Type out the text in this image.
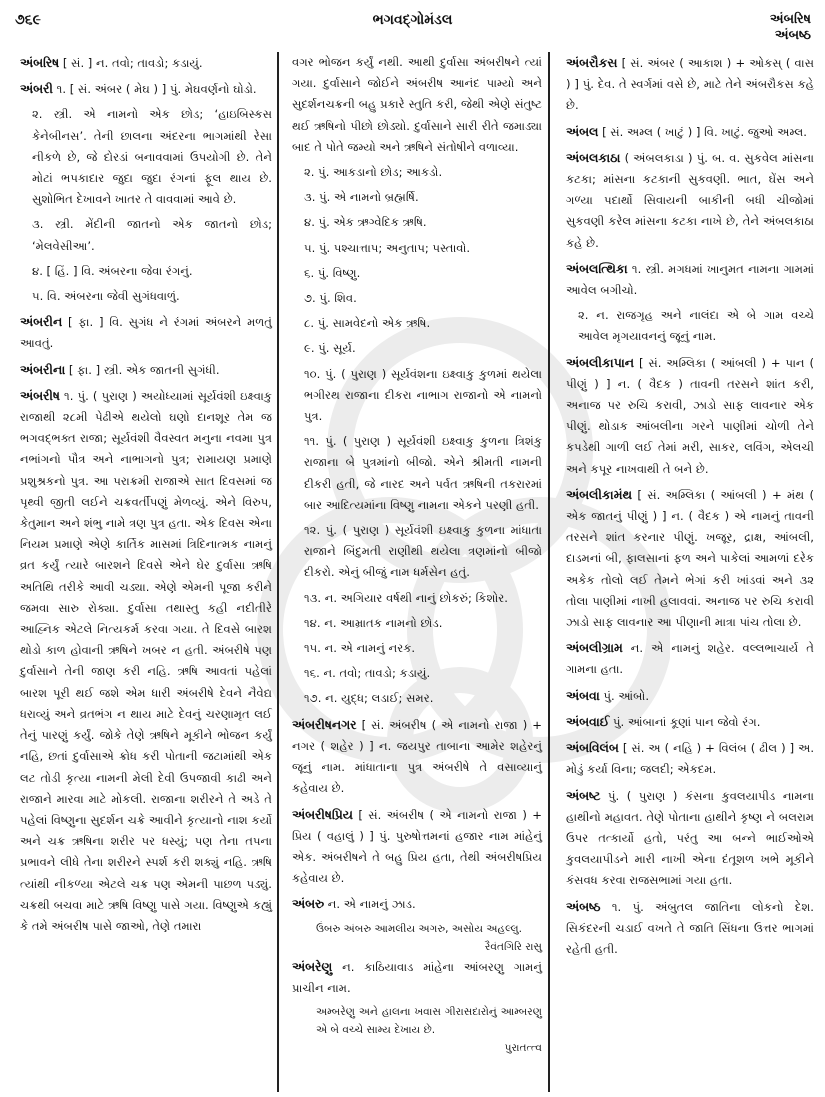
૭૬૯	ભગવદ્ગોમંડલ	અંબરિષ
અંબષ્ઠ
અંબરિષ [ સં. ] ન. તવો; તાવડો; કડાયું.
અંબરી ૧. [ સં. અંબર ( મેઘ ) ] પું. મેઘવર્ણનો ઘોડો.
૨. સ્ત્રી. એ નામનો એક છોડ; ‘હાઇબિસ્કસ કેનેબીનસ’. તેની છાલના અંદરના ભાગમાંથી રેસા નીકળે છે, જે દોરડાં બનાવવામાં ઉપયોગી છે. તેને મોટાં ભપકાદાર જુદા જુદા રંગનાં ફૂલ થાય છે. સુશોભિત દેખાવને ખાતર તે વાવવામાં આવે છે.
૩. સ્ત્રી. મેંદીની જાતનો એક જાતનો છોડ; ‘મેલવેસીઆ’.
૪. [ હિં. ] વિ. અંબરના જેવા રંગનું.
૫. વિ. અંબરના જેવી સુગંધવાળું.
અંબરીન [ ફા. ] વિ. સુગંધ ને રંગમાં અંબરને મળતું આવતું.
અંબરીના [ ફા. ] સ્ત્રી. એક જાતની સુગંધી.
અંબરીષ ૧. પું. ( પુરાણ ) અયોધ્યામાં સૂર્યવંશી ઇક્ષ્વાકુ રાજાથી ૨૮મી પેઢીએ થયેલો ઘણો દાનશૂર તેમ જ ભગવદ્ભક્ત રાજા; સૂર્યવંશી વૈવસ્વત મનુના નવમા પુત્ર નભાંગનો પૌત્ર અને નાભાગનો પુત્ર; રામાયણ પ્રમાણે પ્રશુશ્રકનો પુત્ર. આ પરાક્રમી રાજાએ સાત દિવસમાં જ પૃથ્વી જીતી લઈને ચક્રવર્તીપણું મેળવ્યું. એને વિરુપ, કેતુમાન અને શંભુ નામે ત્રણ પુત્ર હતા. એક દિવસ એના નિયમ પ્રમાણે એણે કાર્તિક માસમાં ત્રિદિનાત્મક નામનું વ્રત કર્યું ત્યારે બારશને દિવસે એને ઘેર દુર્વાસા ઋષિ અતિથિ તરીકે આવી ચડ્યા. એણે એમની પૂજા કરીને જમવા સારુ રોક્યા. દુર્વાસા તથાસ્તુ કહી નદીતીરે આહ્નિક એટલે નિત્યકર્મ કરવા ગયા. તે દિવસે બારશ થોડો કાળ હોવાની ઋષિને ખબર ન હતી. અંબરીષે પણ દુર્વાસાને તેની જાણ કરી નહિ. ઋષિ આવતાં પહેલાં બારશ પૂરી થઈ જશે એમ ધારી અંબરીષે દેવને નૈવેદ્ય ધરાવ્યું અને વ્રતભંગ ન થાય માટે દેવનું ચરણામૃત લઈ તેનું પારણું કર્યું. જોકે તેણે ઋષિને મૂકીને ભોજન કર્યું નહિ, છતાં દુર્વાસાએ ક્રોધ કરી પોતાની જટામાંથી એક લટ તોડી કૃત્યા નામની મેલી દેવી ઉપજાવી કાઢી અને રાજાને મારવા માટે મોકલી. રાજાના શરીરને તે અડે તે પહેલાં વિષ્ણુના સુદર્શન ચક્રે આવીને કૃત્યાનો નાશ કર્યો અને ચક્ર ઋષિના શરીર પર ધસ્યું; પણ તેના તપના પ્રભાવને લીધે તેના શરીરને સ્પર્શ કરી શક્યું નહિ. ઋષિ ત્યાંથી નીકળ્યા એટલે ચક્ર પણ એમની પાછળ પડ્યું. ચક્રથી બચવા માટે ઋષિ વિષ્ણુ પાસે ગયા. વિષ્ણુએ કહ્યું કે તમે અંબરીષ પાસે જાઓ, તેણે તમારા
વગર ભોજન કર્યું નથી. આથી દુર્વાસા અંબરીષને ત્યાં ગયા. દુર્વાસાને જોઈને અંબરીષ આનંદ પામ્યો અને સુદર્શનચક્રની બહુ પ્રકારે સ્તુતિ કરી, જેથી એણે સંતુષ્ટ થઈ ઋષિનો પીછો છોડ્યો. દુર્વાસાને સારી રીતે જમાડ્યા બાદ તે પોતે જમ્યો અને ઋષિને સંતોષીને વળાવ્યા.
૨. પું. આકડાનો છોડ; આકડો.
૩. પું. એ નામનો બ્રહ્મર્ષિ.
૪. પું. એક ઋગ્વેદિક ઋષિ.
૫. પું. પશ્ચાત્તાપ; અનુતાપ; પસ્તાવો.
૬. પું. વિષ્ણુ.
૭. પું. શિવ.
૮. પું. સામવેદનો એક ઋષિ.
૯. પું. સૂર્ય.
૧૦. પું. ( પુરાણ ) સૂર્યવંશના ઇક્ષ્વાકુ કુળમાં થયેલા ભગીરથ રાજાના દીકરા નાભાગ રાજાનો એ નામનો પુત્ર.
૧૧. પું. ( પુરાણ ) સૂર્યવંશી ઇક્ષ્વાકુ કુળના ત્રિશંકુ રાજાના બે પુત્રમાંનો બીજો. એને શ્રીમતી નામની દીકરી હતી, જે નારદ અને પર્વત ઋષિની તકરારમાં બાર આદિત્યમાંના વિષ્ણુ નામના એકને પરણી હતી.
૧૨. પું. ( પુરાણ ) સૂર્યવંશી ઇક્ષ્વાકુ કુળના માંધાતા રાજાને બિંદુમતી રાણીથી થયેલા ત્રણમાંનો બીજો દીકરો. એનું બીજું નામ ધર્મસેન હતું.
૧૩. ન. અગિયાર વર્ષથી નાનું છોકરું; કિશોર.
૧૪. ન. આમ્રાતક નામનો છોડ.
૧૫. ન. એ નામનું નરક.
૧૬. ન. તવો; તાવડો; કડાયું.
૧૭. ન. યુદ્ધ; લડાઈ; સમર.
અંબરીષનગર [ સં. અંબરીષ ( એ નામનો રાજા ) + નગર ( શહેર ) ] ન. જયપુર તાબાના આમેર શહેરનું જૂનું નામ. માંધાતાના પુત્ર અંબરીષે તે વસાવ્યાનું કહેવાય છે.
અંબરીષપ્રિય [ સં. અંબરીષ ( એ નામનો રાજા ) + પ્રિય ( વહાલું ) ] પું. પુરુષોત્તમનાં હજાર નામ માંહેનું એક. અંબરીષને તે બહુ પ્રિય હતા, તેથી અંબરીષપ્રિય કહેવાય છે.
અંબરુ ન. એ નામનું ઝાડ.
ઉંબરુ અંબરુ આમલીય અગરુ, અસોય અહલ્લુ.
રૈવંતગિરિ રાસુ
અંબરેણુ ન. કાઠિયાવાડ માંહેના આંબરણુ ગામનું પ્રાચીન નામ.
અમ્બરેણુ અને હાલના ખવાસ ગીરાસદારોનું આમ્બરણુ એ બે વચ્ચે સામ્ય દેખાય છે.
પુરાતત્ત્વ
અંબરૌકસ [ સં. અંબર ( આકાશ ) + ઓકસ્ ( વાસ ) ] પું. દેવ. તે સ્વર્ગમાં વસે છે, માટે તેને અંબરૌકસ કહે છે.
અંબલ [ સં. અમ્લ ( ખાટું ) ] વિ. ખાટું. જુઓ અમ્લ.
અંબલકાઠા ( અંબલકાડા ) પું. બ. વ. સુકવેલ માંસના કટકા; માંસના કટકાની સુકવણી. ભાત, ઘેંસ અને ગળ્યા પદાર્થો સિવાયની બાકીની બધી ચીજોમાં સુકવણી કરેલ માંસના કટકા નાખે છે, તેને અંબલકાઠા કહે છે.
અંબલત્થિકા ૧. સ્ત્રી. મગધમાં ખાનુમત નામના ગામમાં આવેલ બગીચો.
૨. ન. રાજગૃહ અને નાલંદા એ બે ગામ વચ્ચે આવેલ મૃગયાવનનું જૂનું નામ.
અંબલીકાપાન [ સં. અમ્લિકા ( આંબલી ) + પાન ( પીણું ) ] ન. ( વૈદક ) તાવની તરસને શાંત કરી, અનાજ પર રુચિ કરાવી, ઝાડો સાફ લાવનાર એક પીણું. થોડાક આંબલીના ગરને પાણીમાં ચોળી તેને કપડેથી ગાળી લઈ તેમાં મરી, સાકર, લવિંગ, એલચી અને કપૂર નાખવાથી તે બને છે.
અંબલીકામંથ [ સં. અમ્લિકા ( આંબલી ) + મંથ ( એક જાતનું પીણું ) ] ન. ( વૈદક ) એ નામનું તાવની તરસને શાંત કરનાર પીણું. ખજૂર, દ્રાક્ષ, આંબલી, દાડમનાં બી, ફાલસાનાં ફળ અને પાકેલાં આમળાં દરેક અકેક તોલો લઈ તેમને ભેગાં કરી ખાંડવાં અને ૩૨ તોલા પાણીમાં નાખી હલાવવાં. અનાજ પર રુચિ કરાવી ઝાડો સાફ લાવનાર આ પીણાની માત્રા પાંચ તોલા છે.
અંબલીગ્રામ ન. એ નામનું શહેર. વલ્લભાચાર્ય તે ગામના હતા.
અંબવા પું. આંબો.
અંબવાઈ પું. આંબાનાં કૂણાં પાન જેવો રંગ.
અંબવિલંબ [ સં. અ ( નહિ ) + વિલંબ ( ઢીલ ) ] અ. મોડું કર્યા વિના; જલદી; એકદમ.
અંબષ્ટ પું. ( પુરાણ ) કંસના કુવલયાપીડ નામના હાથીનો મહાવત. તેણે પોતાના હાથીને કૃષ્ણ ને બલરામ ઉપર તત્કાર્યો હતો, પરંતુ આ બન્ને ભાઈઓએ કુવલયાપીડને મારી નાખી એના દંતૂશળ ખભે મૂકીને કંસવધ કરવા રાજસભામાં ગયા હતા.
અંબષ્ઠ ૧. પું. અંબુતલ જાતિના લોકનો દેશ. સિકંદરની ચડાઈ વખતે તે જાતિ સિંધના ઉત્તર ભાગમાં રહેતી હતી.
